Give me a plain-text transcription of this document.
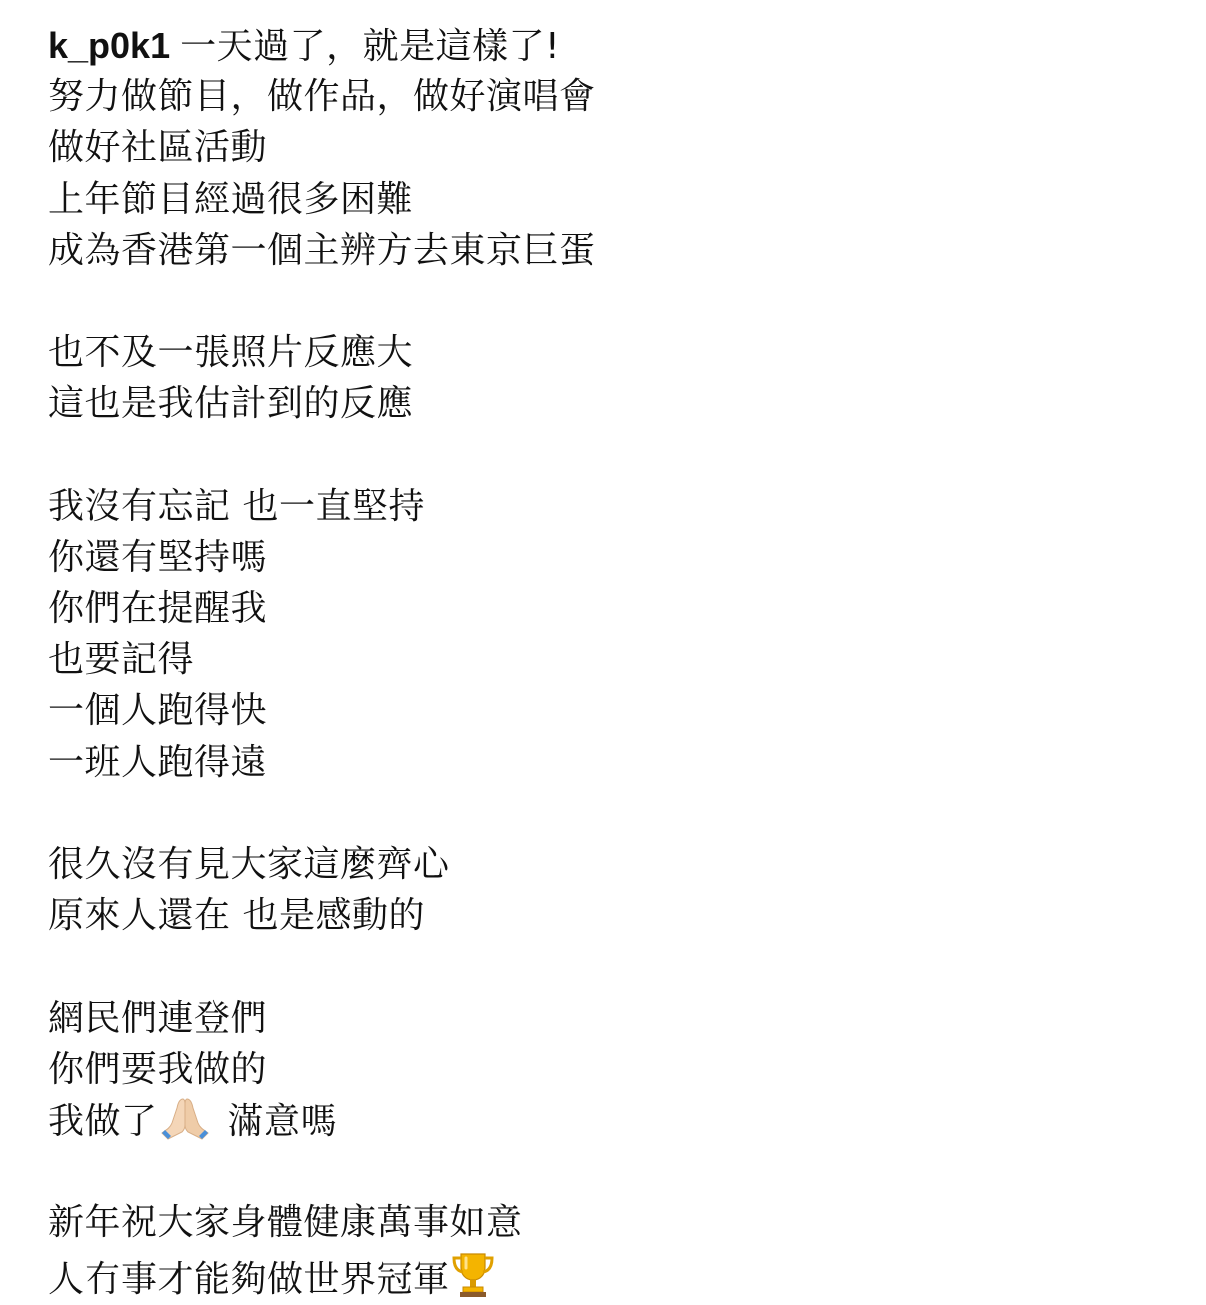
k_p0k1 一天過了，就是這樣了!
努力做節目，做作品，做好演唱會
做好社區活動
上年節目經過很多困難
成為香港第一個主辨方去東京巨蛋
也不及一張照片反應大
這也是我估計到的反應
我沒有忘記 也一直堅持
你還有堅持嗎
你們在提醒我
也要記得
一個人跑得快
一班人跑得遠
很久沒有見大家這麼齊心
原來人還在 也是感動的
網民們連登們
你們要我做的
我做了 滿意嗎
新年祝大家身體健康萬事如意
人冇事才能夠做世界冠軍
